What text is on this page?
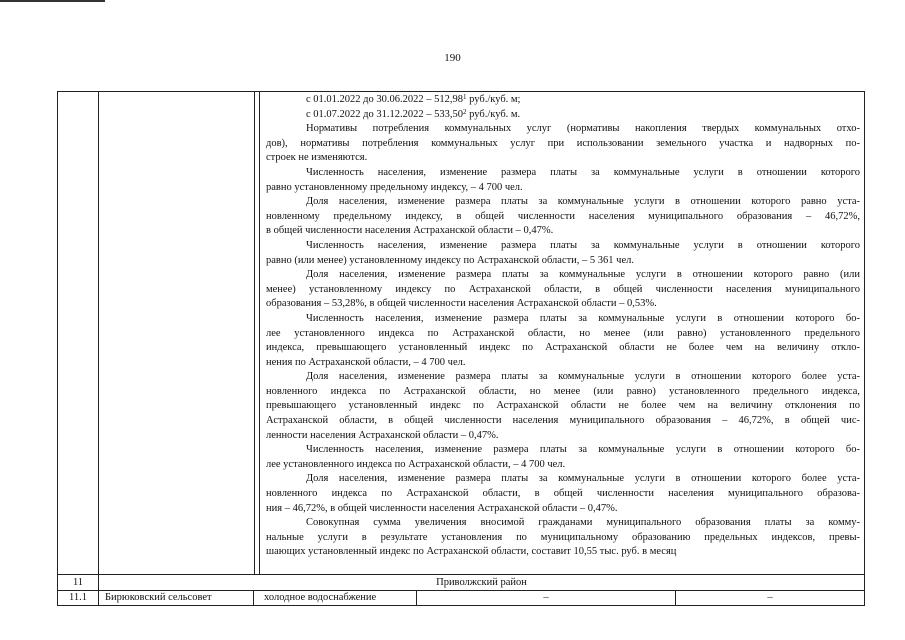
190

с 01.01.2022 до 30.06.2022 – 512,98$^1$ руб./куб. м;

с 01.07.2022 до 31.12.2022 – 533,50$^2$ руб./куб. м.

Нормативы потребления коммунальных услуг (нормативы накопления твердых коммунальных отхо-

дов), нормативы потребления коммунальных услуг при использовании земельного участка и надворных по-

строек не изменяются.

Численность населения, изменение размера платы за коммунальные услуги в отношении которого

равно установленному предельному индексу, – 4 700 чел.

Доля населения, изменение размера платы за коммунальные услуги в отношении которого равно уста-

новленному предельному индексу, в общей численности населения муниципального образования – 46,72%,

в общей численности населения Астраханской области – 0,47%.

Численность населения, изменение размера платы за коммунальные услуги в отношении которого

равно (или менее) установленному индексу по Астраханской области, – 5 361 чел.

Доля населения, изменение размера платы за коммунальные услуги в отношении которого равно (или

менее) установленному индексу по Астраханской области, в общей численности населения муниципального

образования – 53,28%, в общей численности населения Астраханской области – 0,53%.

Численность населения, изменение размера платы за коммунальные услуги в отношении которого бо-

лее установленного индекса по Астраханской области, но менее (или равно) установленного предельного

индекса, превышающего установленный индекс по Астраханской области не более чем на величину откло-

нения по Астраханской области, – 4 700 чел.

Доля населения, изменение размера платы за коммунальные услуги в отношении которого более уста-

новленного индекса по Астраханской области, но менее (или равно) установленного предельного индекса,

превышающего установленный индекс по Астраханской области не более чем на величину отклонения по

Астраханской области, в общей численности населения муниципального образования – 46,72%, в общей чис-

ленности населения Астраханской области – 0,47%.

Численность населения, изменение размера платы за коммунальные услуги в отношении которого бо-

лее установленного индекса по Астраханской области, – 4 700 чел.

Доля населения, изменение размера платы за коммунальные услуги в отношении которого более уста-

новленного индекса по Астраханской области, в общей численности населения муниципального образова-

ния – 46,72%, в общей численности населения Астраханской области – 0,47%.

Совокупная сумма увеличения вносимой гражданами муниципального образования платы за комму-

нальные услуги в результате установления по муниципальному образованию предельных индексов, превы-

шающих установленный индекс по Астраханской области, составит 10,55 тыс. руб. в месяц

11	Приволжский район
11.1	Бирюковский сельсовет	холодное водоснабжение	–	–
